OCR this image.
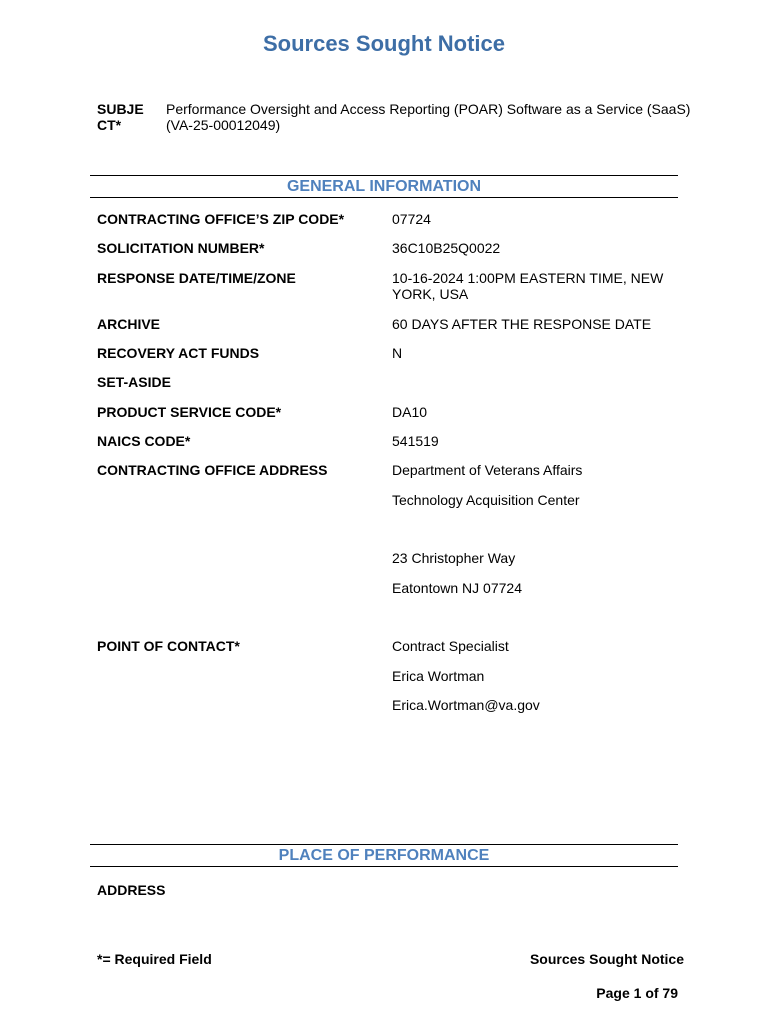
Sources Sought Notice
SUBJECT*
Performance Oversight and Access Reporting (POAR) Software as a Service (SaaS)
(VA-25-00012049)
GENERAL INFORMATION
CONTRACTING OFFICE’S ZIP CODE*	07724
SOLICITATION NUMBER*	36C10B25Q0022
RESPONSE DATE/TIME/ZONE	10-16-2024 1:00PM EASTERN TIME, NEW
YORK, USA
ARCHIVE	60 DAYS AFTER THE RESPONSE DATE
RECOVERY ACT FUNDS	N
SET-ASIDE
PRODUCT SERVICE CODE*	DA10
NAICS CODE*	541519
CONTRACTING OFFICE ADDRESS	Department of Veterans Affairs
Technology Acquisition Center
23 Christopher Way
Eatontown NJ 07724
POINT OF CONTACT*	Contract Specialist
Erica Wortman
Erica.Wortman@va.gov
PLACE OF PERFORMANCE
ADDRESS
*= Required Field	Sources Sought Notice
Page 1 of 79
